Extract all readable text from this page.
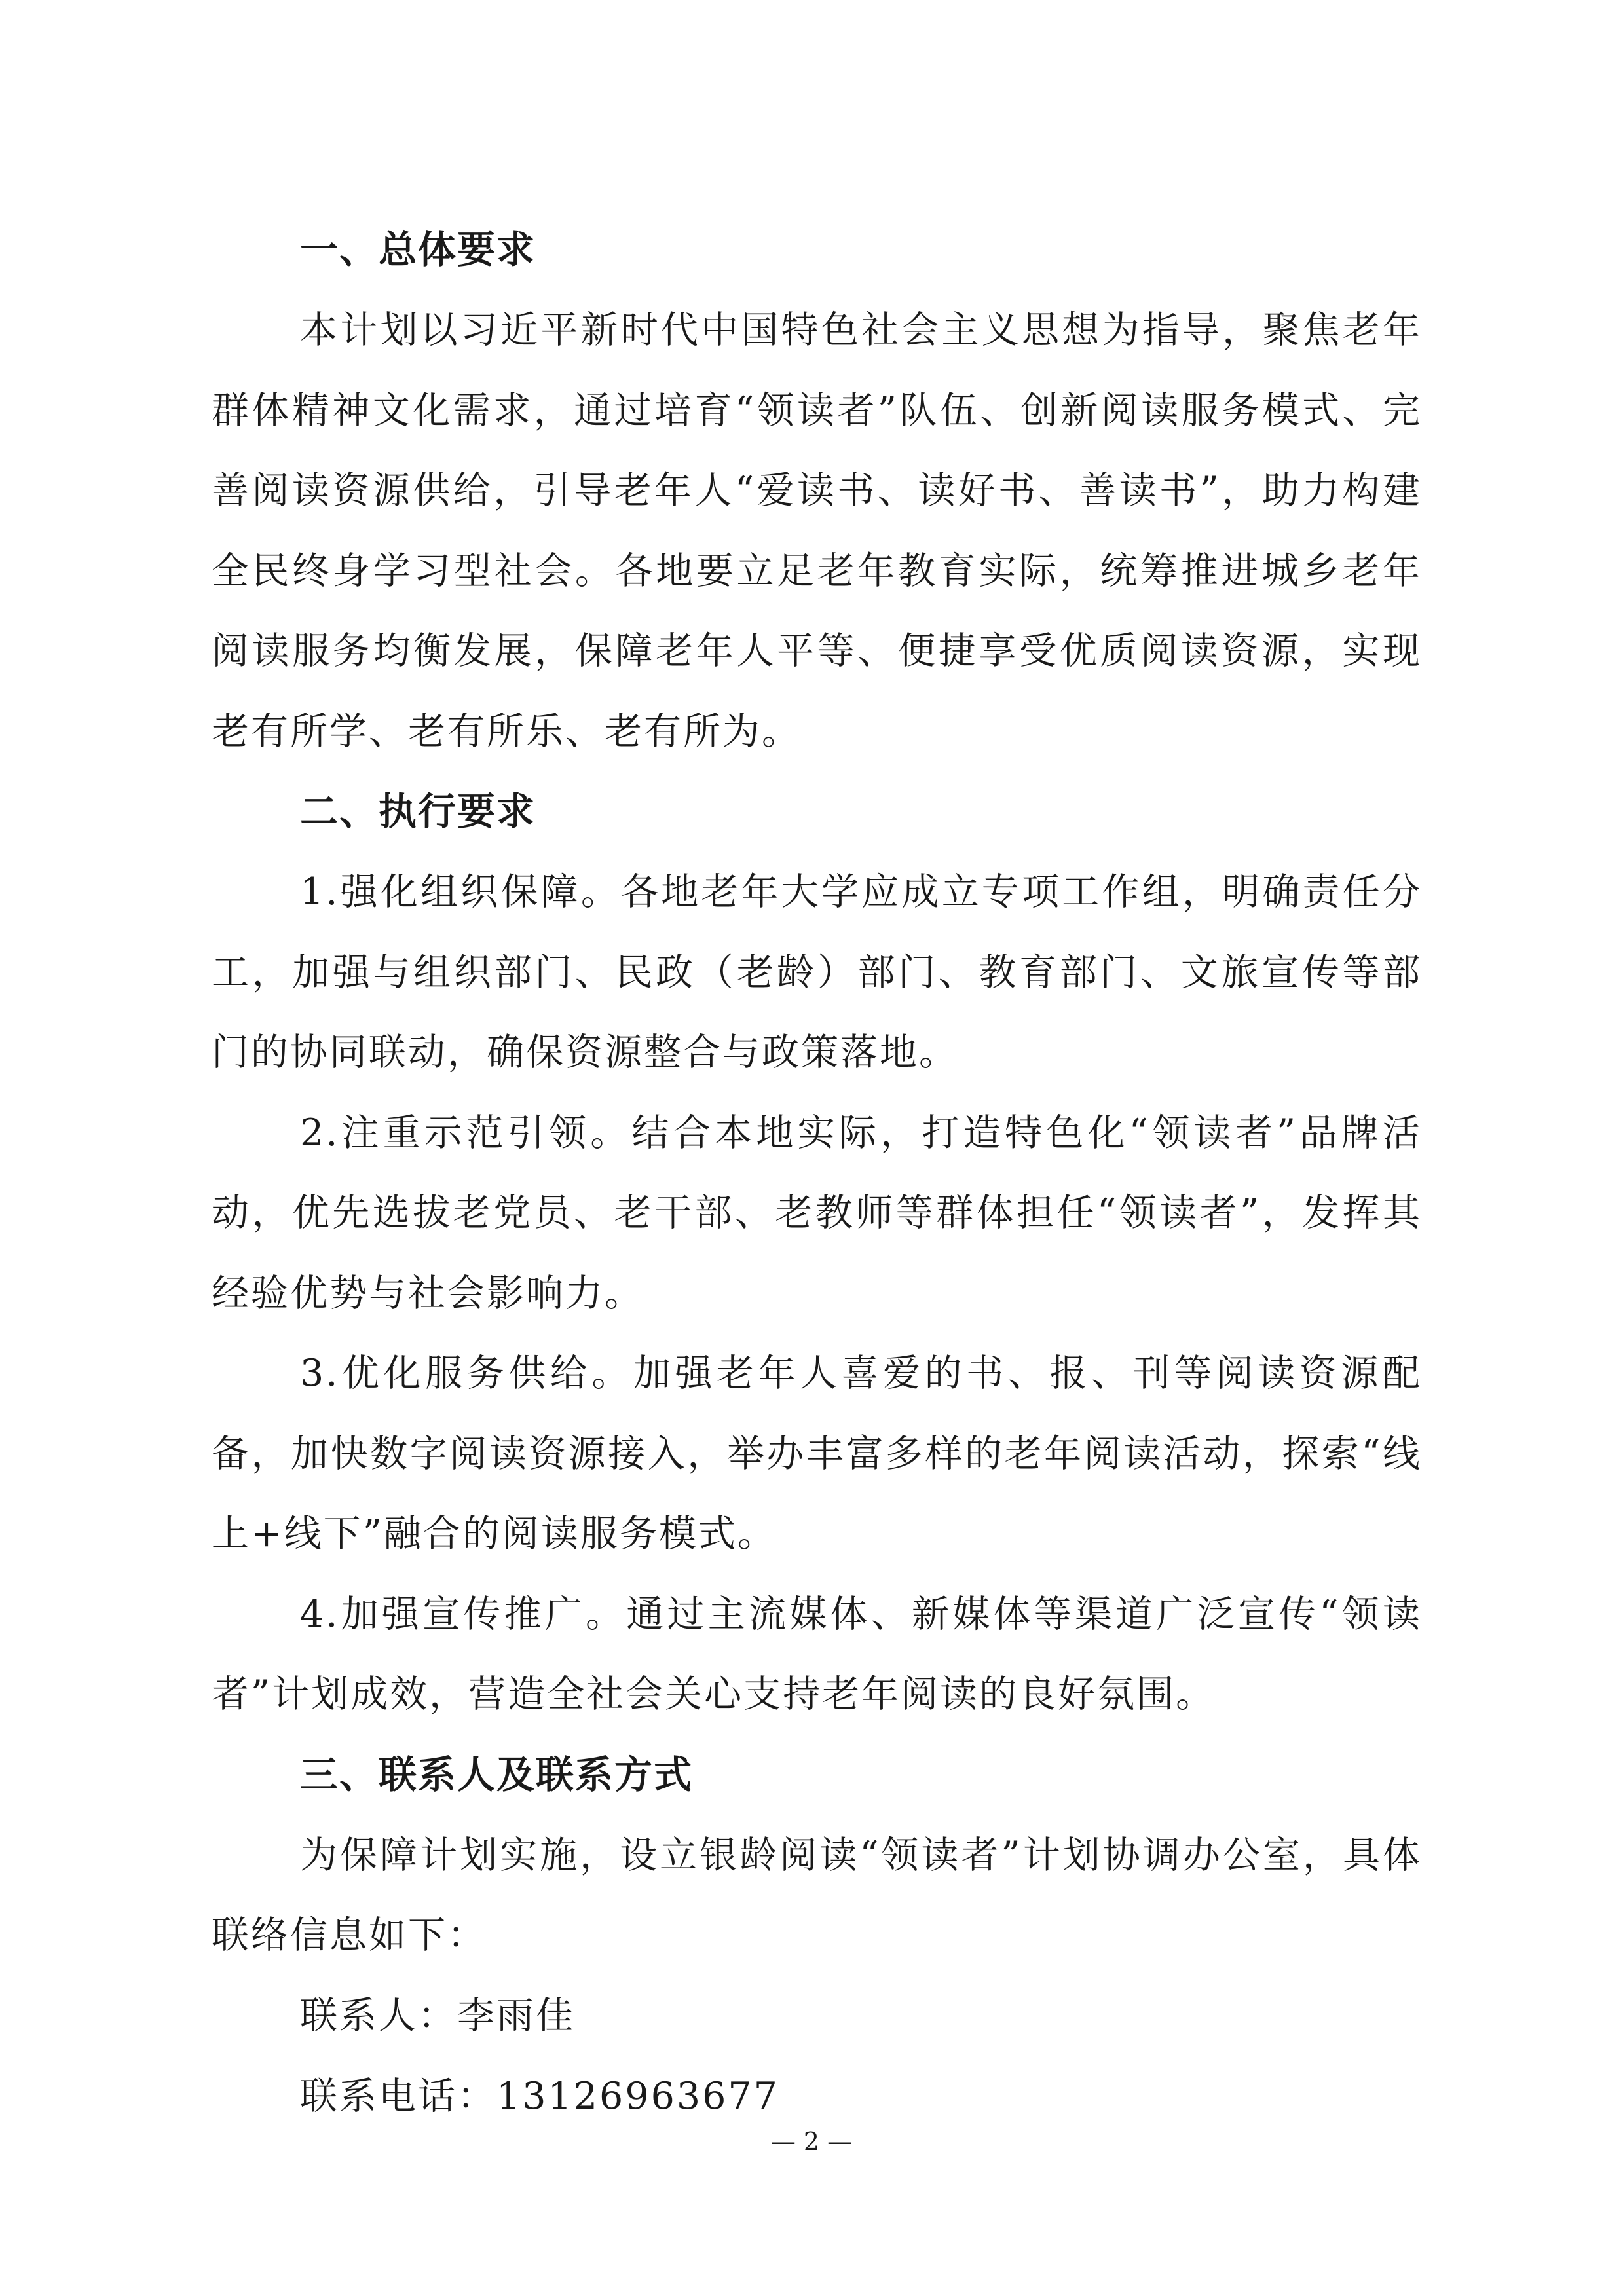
一、总体要求

本计划以习近平新时代中国特色社会主义思想为指导，聚焦老年群体精神文化需求，通过培育“领读者”队伍、创新阅读服务模式、完善阅读资源供给，引导老年人“爱读书、读好书、善读书”，助力构建全民终身学习型社会。各地要立足老年教育实际，统筹推进城乡老年阅读服务均衡发展，保障老年人平等、便捷享受优质阅读资源，实现老有所学、老有所乐、老有所为。

二、执行要求

1.强化组织保障。各地老年大学应成立专项工作组，明确责任分工，加强与组织部门、民政（老龄）部门、教育部门、文旅宣传等部门的协同联动，确保资源整合与政策落地。

2.注重示范引领。结合本地实际，打造特色化“领读者”品牌活动，优先选拔老党员、老干部、老教师等群体担任“领读者”，发挥其经验优势与社会影响力。

3.优化服务供给。加强老年人喜爱的书、报、刊等阅读资源配备，加快数字阅读资源接入，举办丰富多样的老年阅读活动，探索“线上+线下”融合的阅读服务模式。

4.加强宣传推广。通过主流媒体、新媒体等渠道广泛宣传“领读者”计划成效，营造全社会关心支持老年阅读的良好氛围。

三、联系人及联系方式

为保障计划实施，设立银龄阅读“领读者”计划协调办公室，具体联络信息如下：

联系人：李雨佳

联系电话：13126963677

— 2 —
